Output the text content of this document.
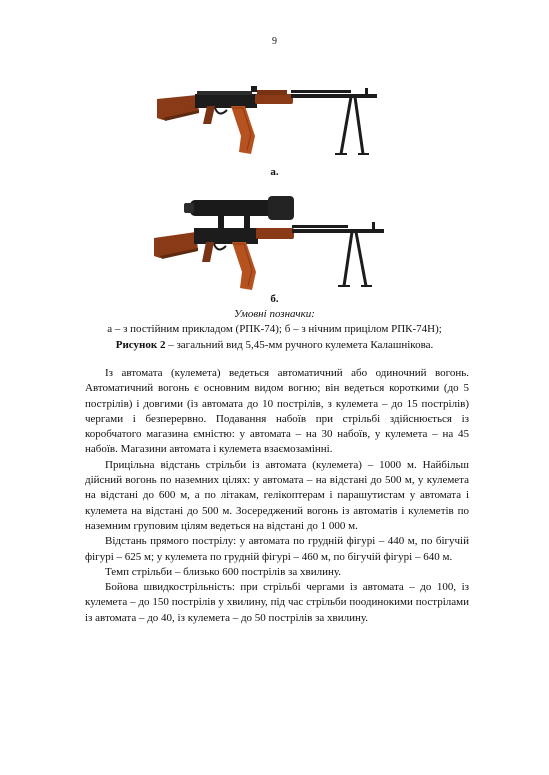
9
а.
б.
Умовні позначки:
а – з постійним прикладом (РПК-74); б – з нічним прицілом РПК-74Н);
Рисунок 2 – загальний вид 5,45-мм ручного кулемета Калашнікова.

Із автомата (кулемета) ведеться автоматичний або одиночний вогонь. Автоматичний вогонь є основним видом вогню; він ведеться короткими (до 5 пострілів) і довгими (із автомата до 10 пострілів, з кулемета – до 15 пострілів) чергами і безперервно. Подавання набоїв при стрільбі здійснюється із коробчатого магазина ємністю: у автомата – на 30 набоїв, у кулемета – на 45 набоїв. Магазини автомата і кулемета взаємозамінні.

Прицільна відстань стрільби із автомата (кулемета) – 1000 м. Найбільш дійсний вогонь по наземних цілях: у автомата – на відстані до 500 м, у кулемета на відстані до 600 м, а по літакам, гелікоптерам і парашутистам у автомата і кулемета на відстані до 500 м. Зосереджений вогонь із автоматів і кулеметів по наземним груповим цілям ведеться на відстані до 1 000 м.

Відстань прямого пострілу: у автомата по грудній фігурі – 440 м, по бігучій фігурі – 625 м; у кулемета по грудній фігурі – 460 м, по бігучій фігурі – 640 м.

Темп стрільби – близько 600 пострілів за хвилину.

Бойова швидкострільність: при стрільбі чергами із автомата – до 100, із кулемета – до 150 пострілів у хвилину, під час стрільби поодинокими пострілами із автомата – до 40, із кулемета – до 50 пострілів за хвилину.
